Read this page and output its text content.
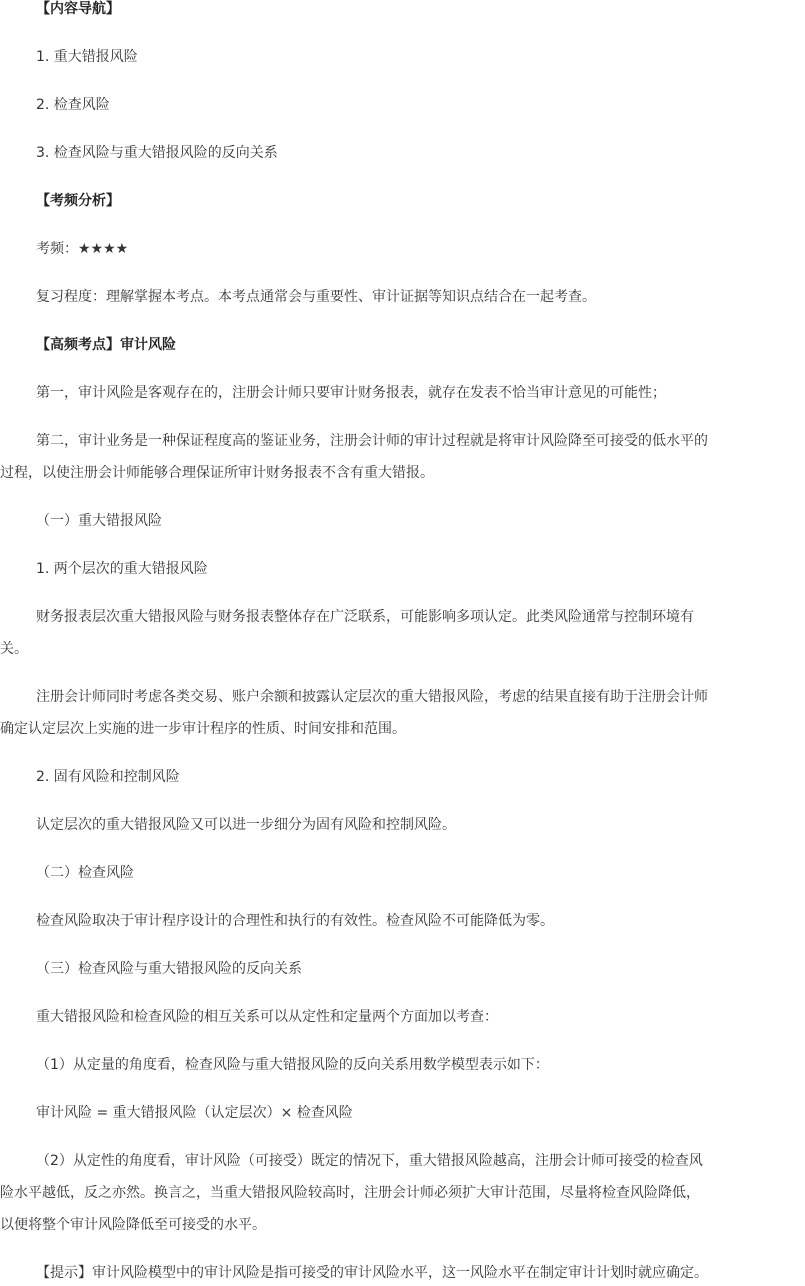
【内容导航】
1. 重大错报风险
2. 检查风险
3. 检查风险与重大错报风险的反向关系
【考频分析】
考频：★★★★
复习程度：理解掌握本考点。本考点通常会与重要性、审计证据等知识点结合在一起考查。
【高频考点】审计风险
第一，审计风险是客观存在的，注册会计师只要审计财务报表，就存在发表不恰当审计意见的可能性；
第二，审计业务是一种保证程度高的鉴证业务，注册会计师的审计过程就是将审计风险降至可接受的低水平的
过程，以使注册会计师能够合理保证所审计财务报表不含有重大错报。
（一）重大错报风险
1. 两个层次的重大错报风险
财务报表层次重大错报风险与财务报表整体存在广泛联系，可能影响多项认定。此类风险通常与控制环境有
关。
注册会计师同时考虑各类交易、账户余额和披露认定层次的重大错报风险，考虑的结果直接有助于注册会计师
确定认定层次上实施的进一步审计程序的性质、时间安排和范围。
2. 固有风险和控制风险
认定层次的重大错报风险又可以进一步细分为固有风险和控制风险。
（二）检查风险
检查风险取决于审计程序设计的合理性和执行的有效性。检查风险不可能降低为零。
（三）检查风险与重大错报风险的反向关系
重大错报风险和检查风险的相互关系可以从定性和定量两个方面加以考查：
（1）从定量的角度看，检查风险与重大错报风险的反向关系用数学模型表示如下：
审计风险 = 重大错报风险（认定层次）× 检查风险
（2）从定性的角度看，审计风险（可接受）既定的情况下，重大错报风险越高，注册会计师可接受的检查风
险水平越低，反之亦然。换言之，当重大错报风险较高时，注册会计师必须扩大审计范围，尽量将检查风险降低，
以便将整个审计风险降低至可接受的水平。
【提示】审计风险模型中的审计风险是指可接受的审计风险水平，这一风险水平在制定审计计划时就应确定。
